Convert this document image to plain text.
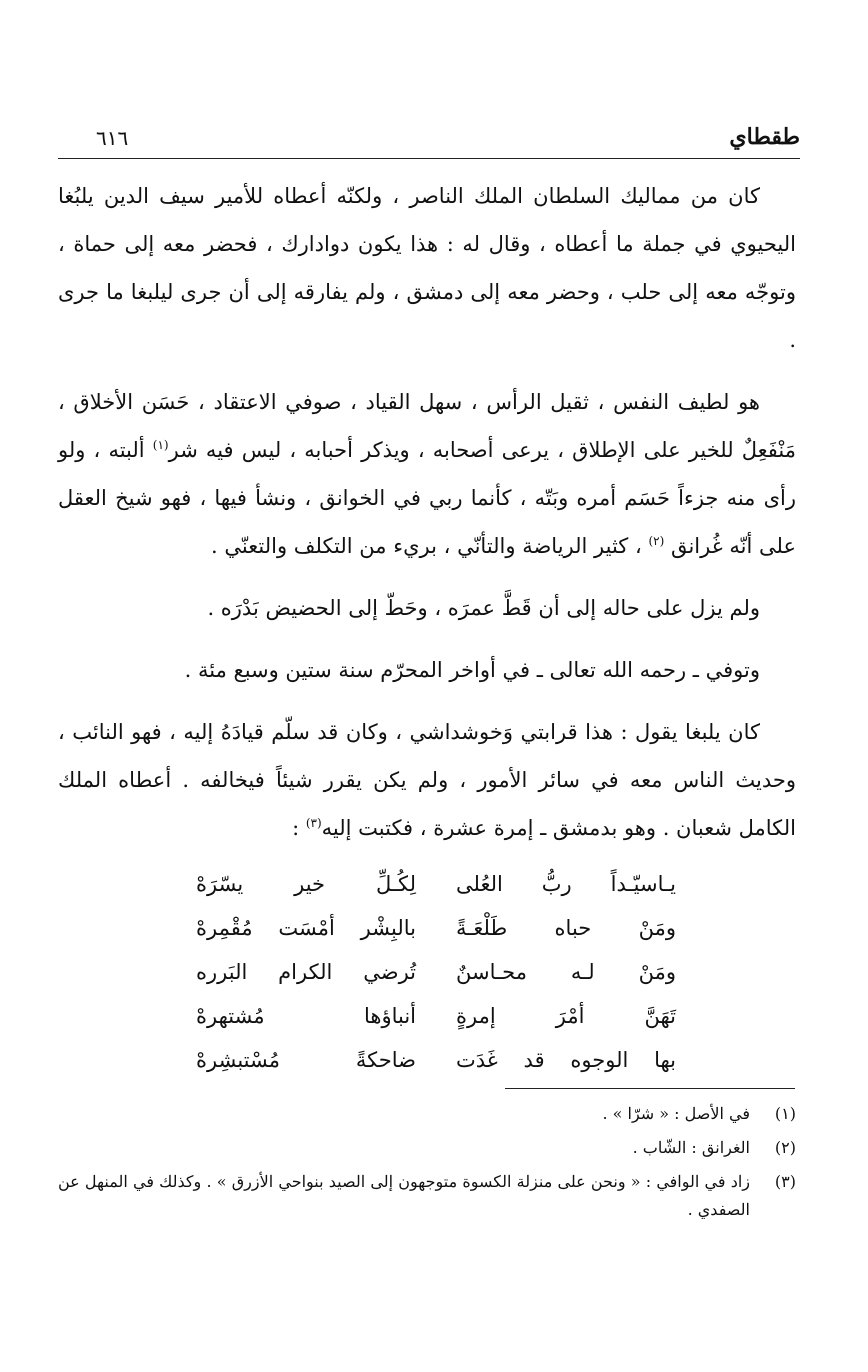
طقطاي
٦١٦

كان من مماليك السلطان الملك الناصر ، ولكنّه أعطاه للأمير سيف الدين يلبُغا اليحيوي في جملة ما أعطاه ، وقال له : هذا يكون دوادارك ، فحضر معه إلى حماة ، وتوجّه معه إلى حلب ، وحضر معه إلى دمشق ، ولم يفارقه إلى أن جرى ليلبغا ما جرى .

هو لطيف النفس ، ثقيل الرأس ، سهل القياد ، صوفي الاعتقاد ، حَسَن الأخلاق ، مَنْفَعِلٌ للخير على الإطلاق ، يرعى أصحابه ، ويذكر أحبابه ، ليس فيه شر$^{(١)}$ ألبته ، ولو رأى منه جزءاً حَسَم أمره وبَتّه ، كأنما ربي في الخوانق ، ونشأ فيها ، فهو شيخ العقل على أنّه غُرانق $^{(٢)}$ ، كثير الرياضة والتأنّي ، بريء من التكلف والتعنّي .

ولم يزل على حاله إلى أن قَطَّ عمرَه ، وحَطّ إلى الحضيض بَدْرَه .

وتوفي ـ رحمه الله تعالى ـ في أواخر المحرّم سنة ستين وسبع مئة .

كان يلبغا يقول : هذا قرابتي وَخوشداشي ، وكان قد سلّم قيادَهُ إليه ، فهو النائب ، وحديث الناس معه في سائر الأمور ، ولم يكن يقرر شيئاً فيخالفه . أعطاه الملك الكامل شعبان . وهو بدمشق ـ إمرة عشرة ، فكتبت إليه$^{(٣)}$ :

يـاسيّـداً ربُّ العُلى
لِكُـلِّ خير يسّرَهْ
ومَنْ حباه طَلْعَـةً
بالبِشْر أمْسَت مُقْمِرهْ
ومَنْ لـه محـاسنٌ
تُرضي الكرام البَرره
تَهَنَّ أمْرَ إمرةٍ
أنباؤها مُشتهرهْ
بها الوجوه قد غَدَت
ضاحكةً مُسْتبشِرهْ
(١)
في الأصل : « شرّا » .
(٢)
الغرانق : الشّاب .
(٣)
زاد في الوافي : « ونحن على منزلة الكسوة متوجهون إلى الصيد بنواحي الأزرق » . وكذلك في المنهل عن الصفدي .
